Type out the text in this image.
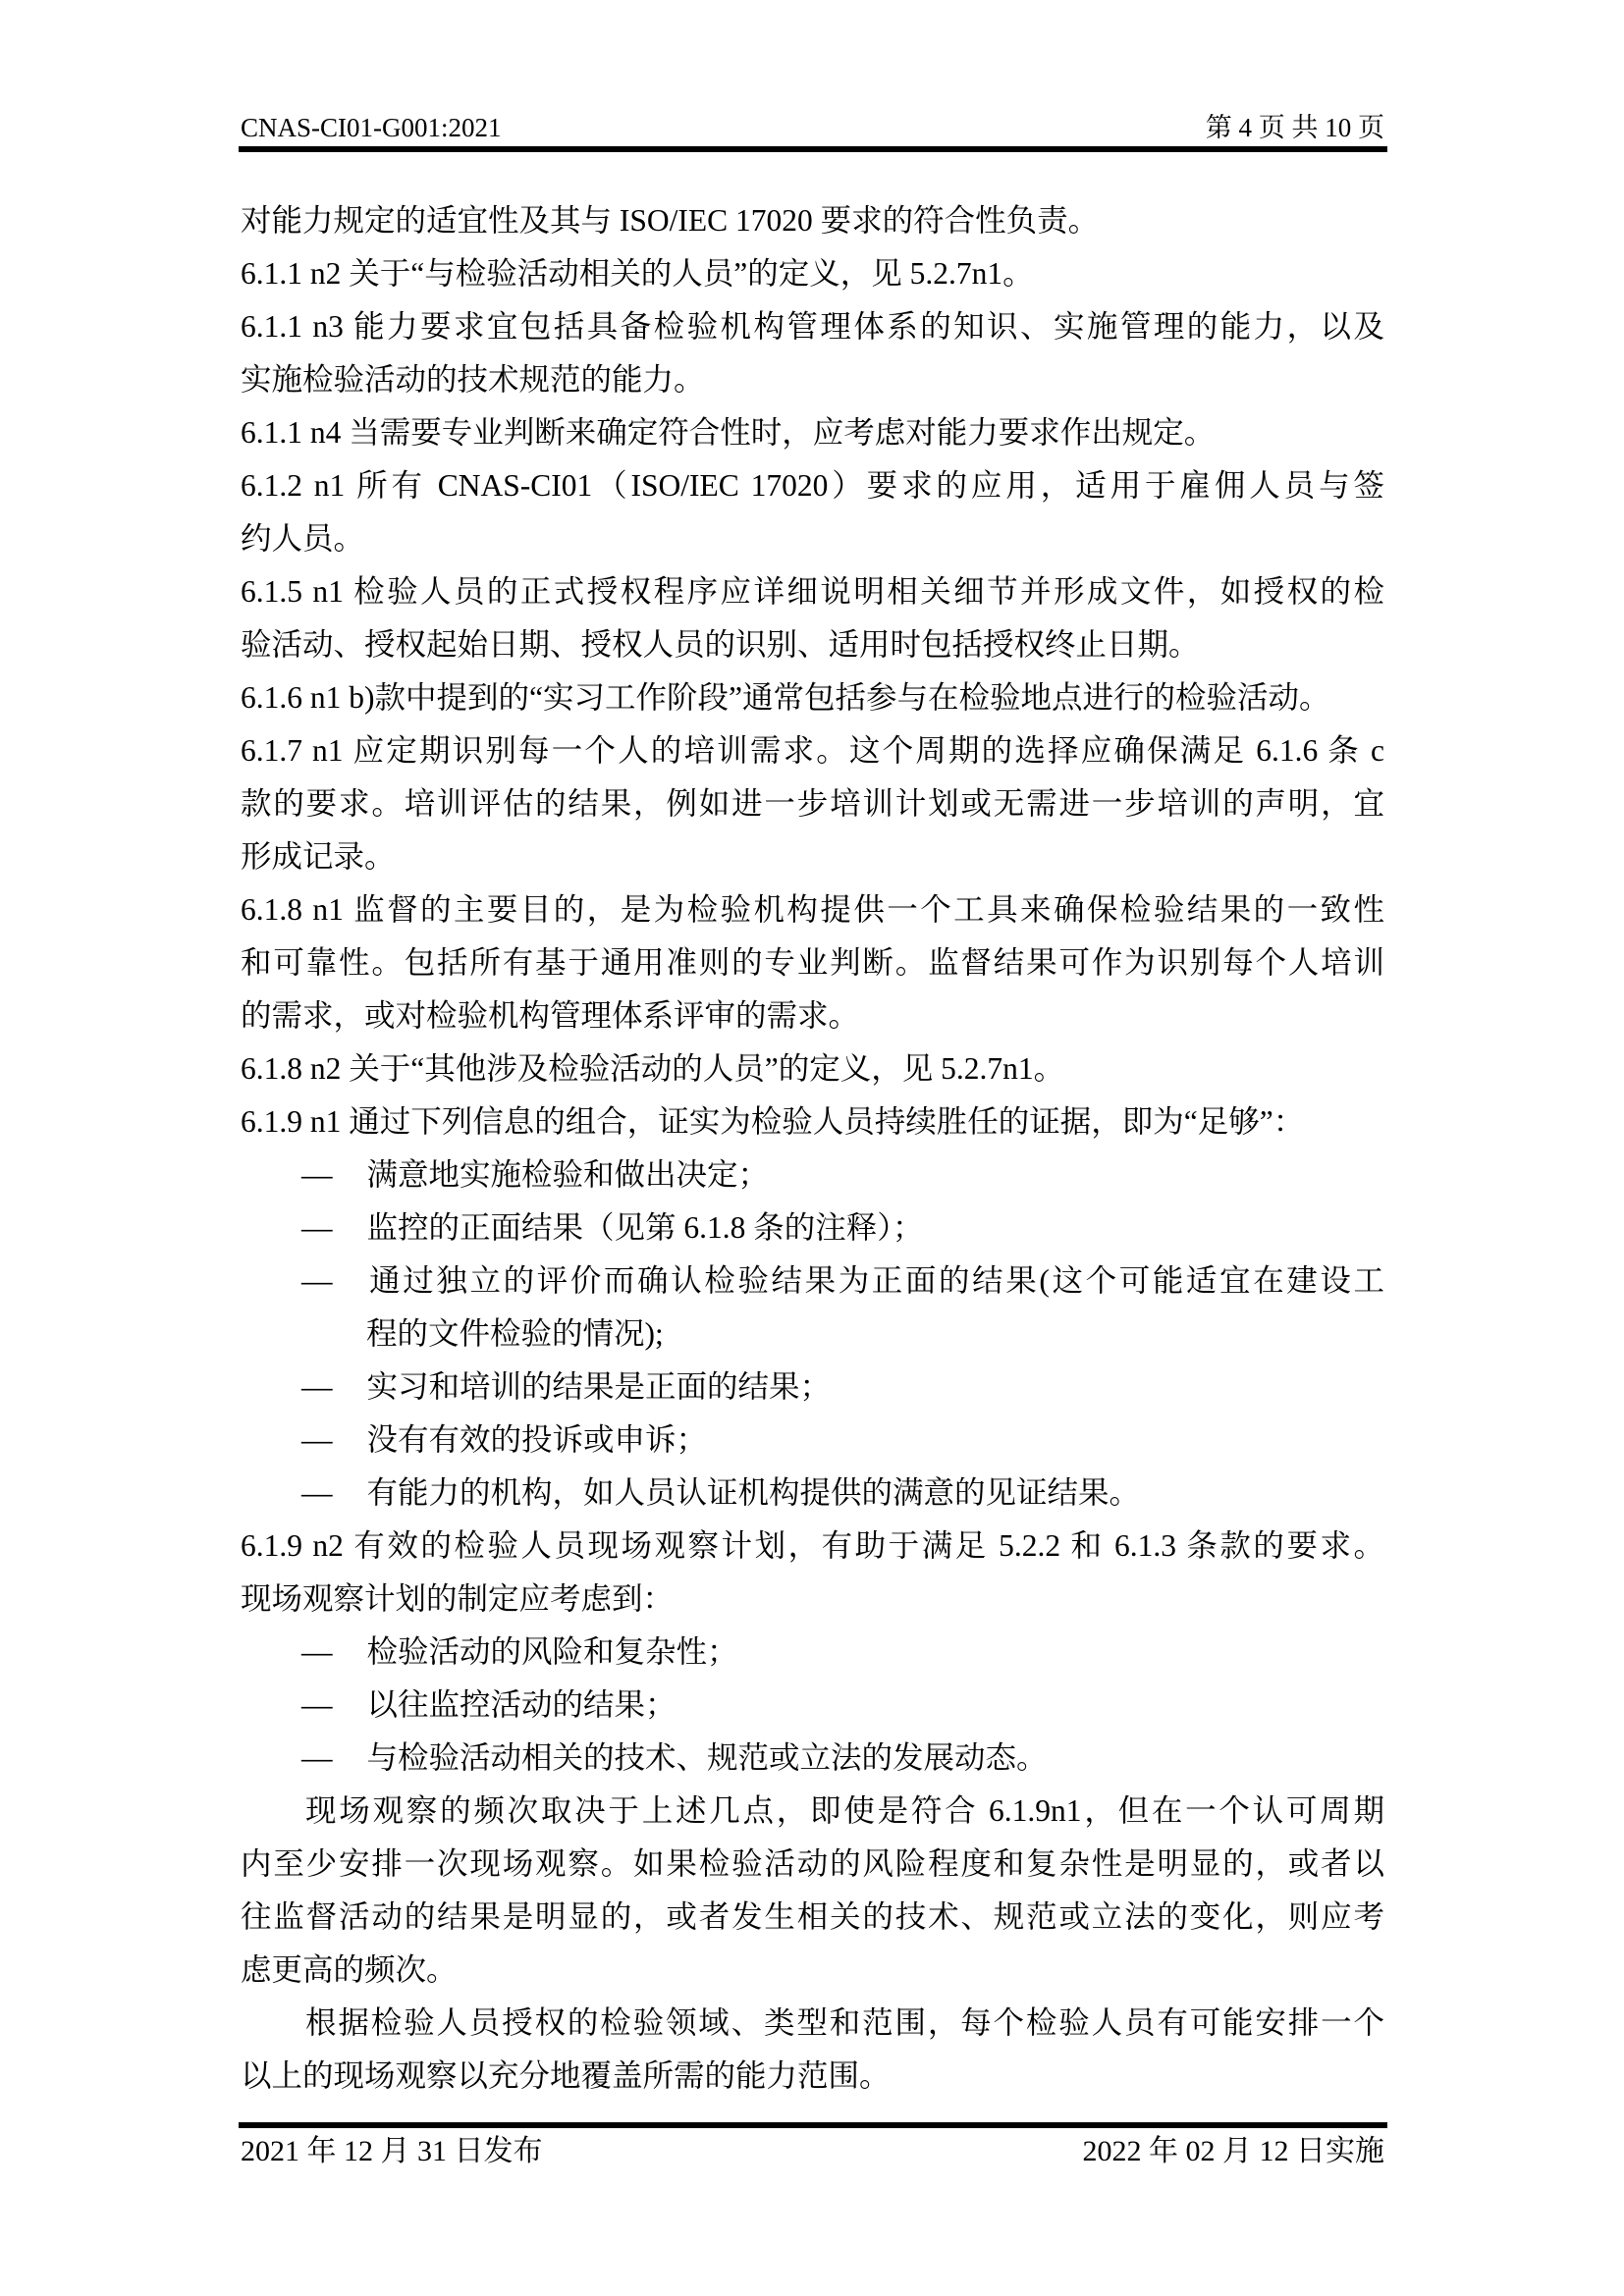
CNAS-CI01-G001:2021	第 4 页 共 10 页
对能力规定的适宜性及其与 ISO/IEC 17020 要求的符合性负责。
6.1.1 n2 关于“与检验活动相关的人员”的定义，见 5.2.7n1。
6.1.1 n3 能力要求宜包括具备检验机构管理体系的知识、实施管理的能力，以及
实施检验活动的技术规范的能力。
6.1.1 n4 当需要专业判断来确定符合性时，应考虑对能力要求作出规定。
6.1.2 n1 所有 CNAS-CI01（ISO/IEC 17020）要求的应用，适用于雇佣人员与签
约人员。
6.1.5 n1 检验人员的正式授权程序应详细说明相关细节并形成文件，如授权的检
验活动、授权起始日期、授权人员的识别、适用时包括授权终止日期。
6.1.6 n1 b)款中提到的“实习工作阶段”通常包括参与在检验地点进行的检验活动。
6.1.7 n1 应定期识别每一个人的培训需求。这个周期的选择应确保满足 6.1.6 条 c
款的要求。培训评估的结果，例如进一步培训计划或无需进一步培训的声明，宜
形成记录。
6.1.8 n1 监督的主要目的，是为检验机构提供一个工具来确保检验结果的一致性
和可靠性。包括所有基于通用准则的专业判断。监督结果可作为识别每个人培训
的需求，或对检验机构管理体系评审的需求。
6.1.8 n2 关于“其他涉及检验活动的人员”的定义，见 5.2.7n1。
6.1.9 n1 通过下列信息的组合，证实为检验人员持续胜任的证据，即为“足够”：
— 满意地实施检验和做出决定；
— 监控的正面结果（见第 6.1.8 条的注释）；
— 通过独立的评价而确认检验结果为正面的结果(这个可能适宜在建设工
程的文件检验的情况);
— 实习和培训的结果是正面的结果；
— 没有有效的投诉或申诉；
— 有能力的机构，如人员认证机构提供的满意的见证结果。
6.1.9 n2 有效的检验人员现场观察计划，有助于满足 5.2.2 和 6.1.3 条款的要求。
现场观察计划的制定应考虑到：
— 检验活动的风险和复杂性；
— 以往监控活动的结果；
— 与检验活动相关的技术、规范或立法的发展动态。
现场观察的频次取决于上述几点，即使是符合 6.1.9n1，但在一个认可周期
内至少安排一次现场观察。如果检验活动的风险程度和复杂性是明显的，或者以
往监督活动的结果是明显的，或者发生相关的技术、规范或立法的变化，则应考
虑更高的频次。
根据检验人员授权的检验领域、类型和范围，每个检验人员有可能安排一个
以上的现场观察以充分地覆盖所需的能力范围。
2021 年 12 月 31 日发布	2022 年 02 月 12 日实施
